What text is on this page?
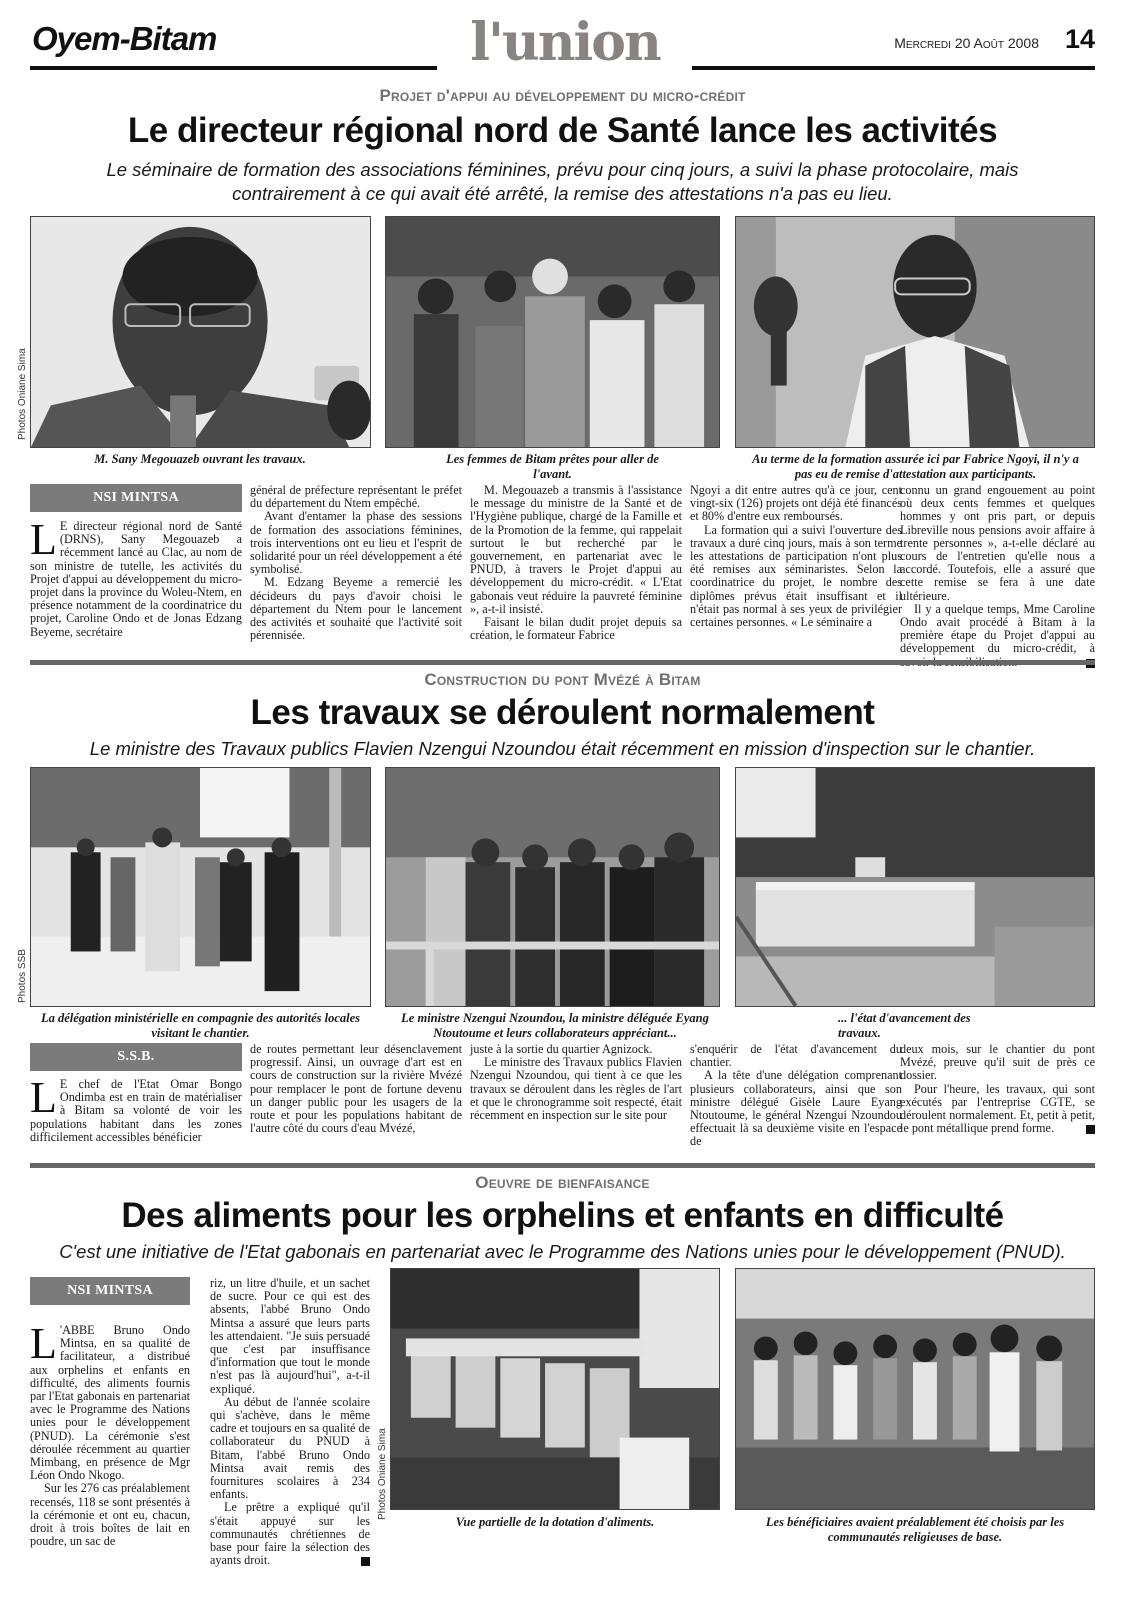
Oyem-Bitam	l'union	Mercredi 20 Août 2008 14
Projet d'appui au développement du micro-crédit
Le directeur régional nord de Santé lance les activités
Le séminaire de formation des associations féminines, prévu pour cinq jours, a suivi la phase protocolaire, mais contrairement à ce qui avait été arrêté, la remise des attestations n'a pas eu lieu.
Photos Oniane Sima
M. Sany Megouazeb ouvrant les travaux.	Les femmes de Bitam prêtes pour aller de l'avant.
Au terme de la formation assurée ici par Fabrice Ngoyi, il n'y a pas eu de remise d'attestation aux participants.
NSI MINTSA

L E directeur régional nord de Santé (DRNS), Sany Megouazeb a récemment lancé au Clac, au nom de son ministre de tutelle, les activités du Projet d'appui au développement du micro-projet dans la province du Woleu-Ntem, en présence notamment de la coordinatrice du projet, Caroline Ondo et de Jonas Edzang Beyeme, secrétaire

général de préfecture représentant le préfet du département du Ntem empêché.

Avant d'entamer la phase des sessions de formation des associations féminines, trois interventions ont eu lieu et l'esprit de solidarité pour un réel développement a été symbolisé.

M. Edzang Beyeme a remercié les décideurs du pays d'avoir choisi le département du Ntem pour le lancement des activités et souhaité que l'activité soit pérennisée.

M. Megouazeb a transmis à l'assistance le message du ministre de la Santé et de l'Hygiène publique, chargé de la Famille et de la Promotion de la femme, qui rappelait surtout le but recherché par le gouvernement, en partenariat avec le PNUD, à travers le Projet d'appui au développement du micro-crédit. « L'Etat gabonais veut réduire la pauvreté féminine », a-t-il insisté.

Faisant le bilan dudit projet depuis sa création, le formateur Fabrice

Ngoyi a dit entre autres qu'à ce jour, cent vingt-six (126) projets ont déjà été financés et 80% d'entre eux remboursés.

La formation qui a suivi l'ouverture des travaux a duré cinq jours, mais à son terme les attestations de participation n'ont plus été remises aux séminaristes. Selon la coordinatrice du projet, le nombre des diplômes prévus était insuffisant et il n'était pas normal à ses yeux de privilégier certaines personnes. « Le séminaire a

connu un grand engouement au point où deux cents femmes et quelques hommes y ont pris part, or depuis Libreville nous pensions avoir affaire à trente personnes », a-t-elle déclaré au cours de l'entretien qu'elle nous a accordé. Toutefois, elle a assuré que cette remise se fera à une date ultérieure.

Il y a quelque temps, Mme Caroline Ondo avait procédé à Bitam à la première étape du Projet d'appui au développement du micro-crédit, à

Construction du pont Mvézé à Bitam
Les travaux se déroulent normalement
Le ministre des Travaux publics Flavien Nzengui Nzoundou était récemment en mission d'inspection sur le chantier.
Photos SSB
La délégation ministérielle en compagnie des autorités locales visitant le chantier.
Le ministre Nzengui Nzoundou, la ministre déléguée Eyang Ntoutoume et leurs collaborateurs appréciant...
... l'état d'avancement des travaux.
S.S.B.

L E chef de l'Etat Omar Bongo Ondimba est en train de matérialiser à Bitam sa volonté de voir les populations habitant dans les zones difficilement accessibles bénéficier

de routes permettant leur désenclavement progressif. Ainsi, un ouvrage d'art est en cours de construction sur la rivière Mvézé pour remplacer le pont de fortune devenu un danger public pour les usagers de la route et pour les populations habitant de l'autre côté du cours d'eau Mvézé,

juste à la sortie du quartier Agnizock.

Le ministre des Travaux publics Flavien Nzengui Nzoundou, qui tient à ce que les travaux se déroulent dans les règles de l'art et que le chronogramme soit respecté, était récemment en inspection sur le site pour

s'enquérir de l'état d'avancement du chantier.

A la tête d'une délégation comprenant plusieurs collaborateurs, ainsi que son ministre délégué Gisèle Laure Eyang Ntoutoume, le général Nzengui Nzoundou effectuait là sa deuxième visite en l'espace de

deux mois, sur le chantier du pont Mvézé, preuve qu'il suit de près ce dossier.

Pour l'heure, les travaux, qui sont exécutés par l'entreprise CGTE, se déroulent normalement. Et, petit à petit, le pont métallique prend forme.

Oeuvre de bienfaisance
Des aliments pour les orphelins et enfants en difficulté
C'est une initiative de l'Etat gabonais en partenariat avec le Programme des Nations unies pour le développement (PNUD).
NSI MINTSA

L 'ABBE Bruno Ondo Mintsa, en sa qualité de facilitateur, a distribué aux orphelins et enfants en difficulté, des aliments fournis par l'Etat gabonais en partenariat avec le Programme des Nations unies pour le développement (PNUD). La cérémonie s'est déroulée récemment au quartier Mimbang, en présence de Mgr Léon Ondo Nkogo.

Sur les 276 cas préalablement recensés, 118 se sont présentés à la cérémonie et ont eu, chacun, droit à trois boîtes de lait en poudre, un sac de

riz, un litre d'huile, et un sachet de sucre. Pour ce qui est des absents, l'abbé Bruno Ondo Mintsa a assuré que leurs parts les attendaient. "Je suis persuadé que c'est par insuffisance d'information que tout le monde n'est pas là aujourd'hui", a-t-il expliqué.

Au début de l'année scolaire qui s'achève, dans le même cadre et toujours en sa qualité de collaborateur du PNUD à Bitam, l'abbé Bruno Ondo Mintsa avait remis des fournitures scolaires à 234 enfants.

Le prêtre a expliqué qu'il s'était appuyé sur les communautés chrétiennes de base pour faire la sélection des ayants droit.

Photos Oniane Sima
Vue partielle de la dotation d'aliments.	Les bénéficiaires avaient préalablement été choisis par les communautés religieuses de base.
